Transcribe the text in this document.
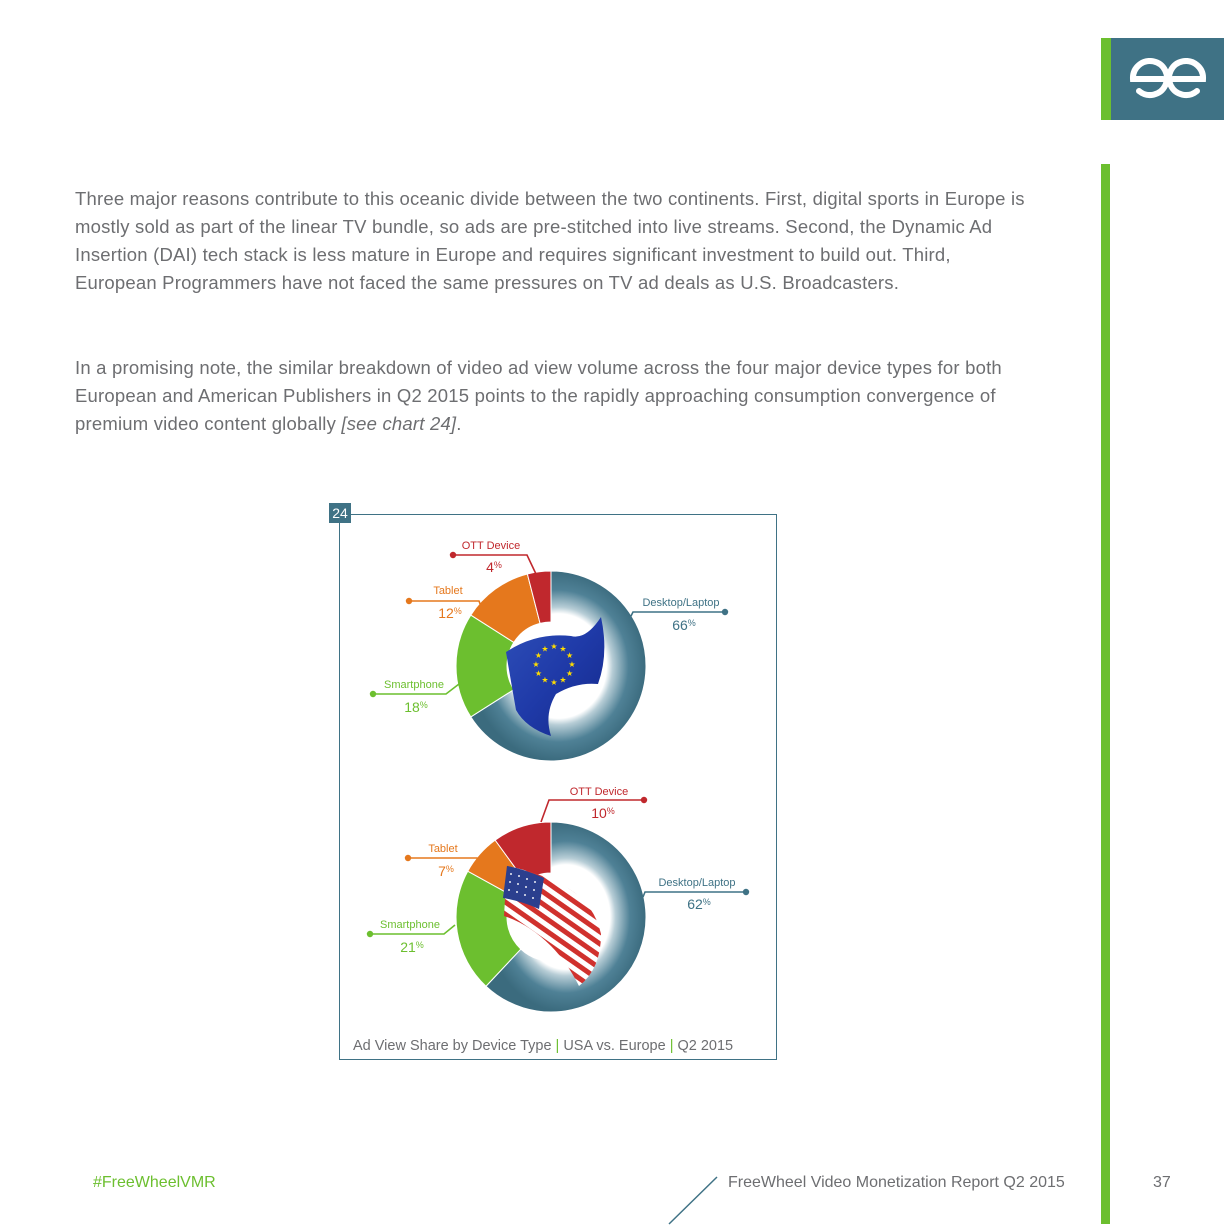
Three major reasons contribute to this oceanic divide between the two continents. First, digital sports in Europe is mostly sold as part of the linear TV bundle, so ads are pre-stitched into live streams. Second, the Dynamic Ad Insertion (DAI) tech stack is less mature in Europe and requires significant investment to build out. Third, European Programmers have not faced the same pressures on TV ad deals as U.S. Broadcasters.

In a promising note, the similar breakdown of video ad view volume across the four major device types for both European and American Publishers in Q2 2015 points to the rapidly approaching consumption convergence of premium video content globally [see chart 24].

24
★
★
★
★
★
★
★
★
★ ★ ★
★
OTT Device
4%
Tablet
12%
Smartphone
18%
Desktop/Laptop
66%
OTT Device
10%
Tablet
7%
Smartphone
21%
Desktop/Laptop
62%
Ad View Share by Device Type | USA vs. Europe | Q2 2015
#FreeWheelVMR	FreeWheel Video Monetization Report Q2 2015	37
